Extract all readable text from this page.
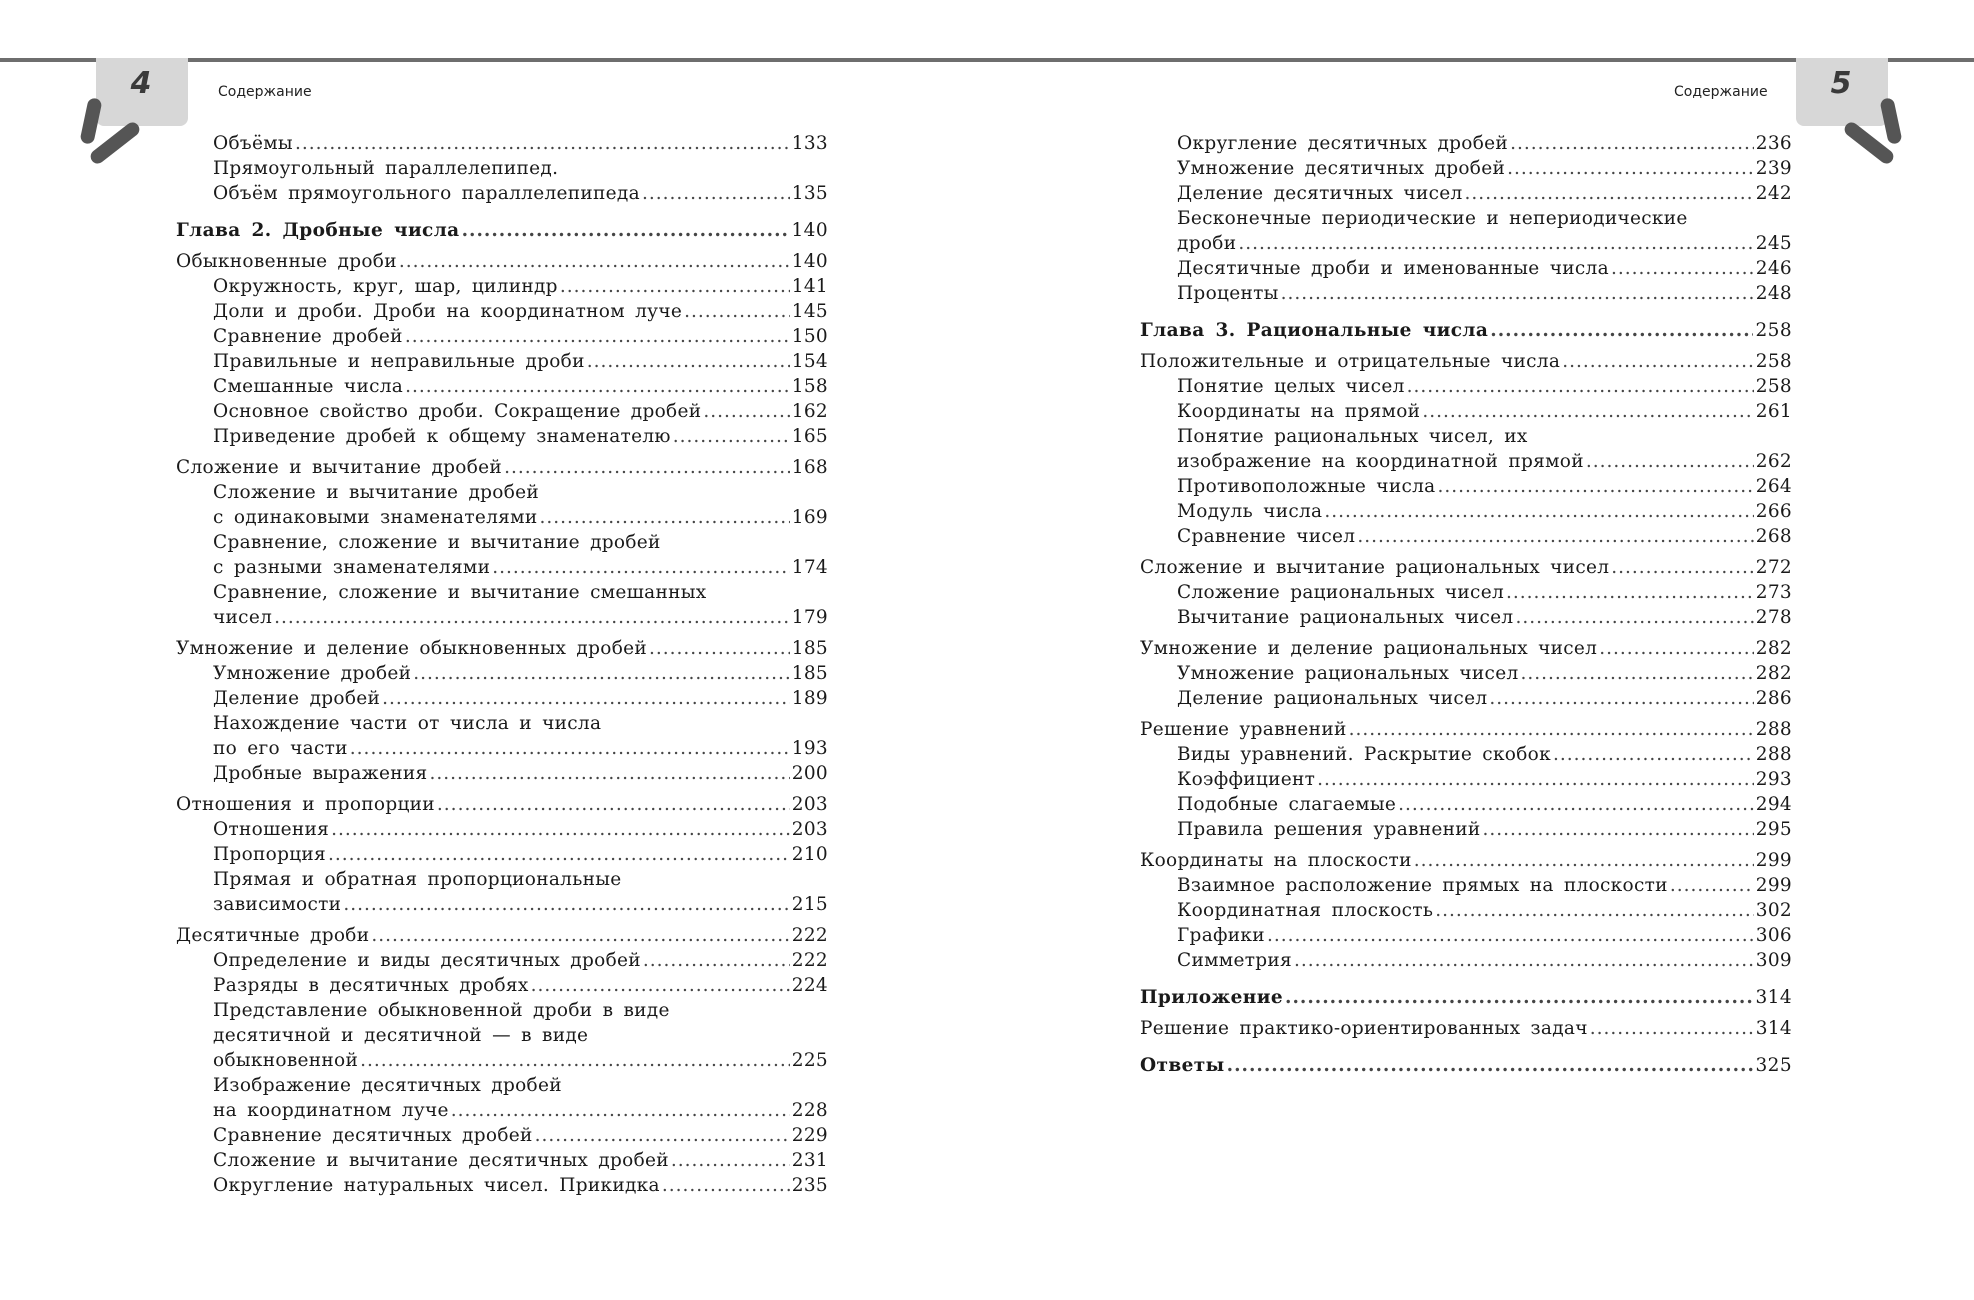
4	Содержание	5
Содержание
Объёмы .....	133
Прямоугольный параллелепипед.
Объём прямоугольного параллелепипеда .....	135
Глава 2. Дробные числа .....	140
Обыкновенные дроби .....	140
Окружность, круг, шар, цилиндр .....	141
Доли и дроби. Дроби на координатном луче .....	145
Сравнение дробей .....	150
Правильные и неправильные дроби .....	154
Смешанные числа .....	158
Основное свойство дроби. Сокращение дробей .....	162
Приведение дробей к общему знаменателю .....	165
Сложение и вычитание дробей .....	168
Сложение и вычитание дробей
с одинаковыми знаменателями .....	169
Сравнение, сложение и вычитание дробей
с разными знаменателями .....	174
Сравнение, сложение и вычитание смешанных
чисел .....	179
Умножение и деление обыкновенных дробей .....	185
Умножение дробей .....	185
Деление дробей .....	189
Нахождение части от числа и числа
по его части .....	193
Дробные выражения .....	200
Отношения и пропорции .....	203
Отношения .....	203
Пропорция .....	210
Прямая и обратная пропорциональные
зависимости .....	215
Десятичные дроби .....	222
Определение и виды десятичных дробей .....	222
Разряды в десятичных дробях .....	224
Представление обыкновенной дроби в виде
десятичной и десятичной — в виде
обыкновенной .....	225
Изображение десятичных дробей
на координатном луче .....	228
Сравнение десятичных дробей .....	229
Сложение и вычитание десятичных дробей .....	231
Округление натуральных чисел. Прикидка .....	235
Округление десятичных дробей .....	236
Умножение десятичных дробей .....	239
Деление десятичных чисел .....	242
Бесконечные периодические и непериодические
дроби .....	245
Десятичные дроби и именованные числа .....	246
Проценты .....	248
Глава 3. Рациональные числа .....	258
Положительные и отрицательные числа .....	258
Понятие целых чисел .....	258
Координаты на прямой .....	261
Понятие рациональных чисел, их
изображение на координатной прямой .....	262
Противоположные числа .....	264
Модуль числа .....	266
Сравнение чисел .....	268
Сложение и вычитание рациональных чисел .....	272
Сложение рациональных чисел .....	273
Вычитание рациональных чисел .....	278
Умножение и деление рациональных чисел .....	282
Умножение рациональных чисел .....	282
Деление рациональных чисел .....	286
Решение уравнений .....	288
Виды уравнений. Раскрытие скобок .....	288
Коэффициент .....	293
Подобные слагаемые .....	294
Правила решения уравнений .....	295
Координаты на плоскости .....	299
Взаимное расположение прямых на плоскости .....	299
Координатная плоскость .....	302
Графики .....	306
Симметрия .....	309
Приложение .....	314
Решение практико-ориентированных задач .....	314
Ответы .....	325
